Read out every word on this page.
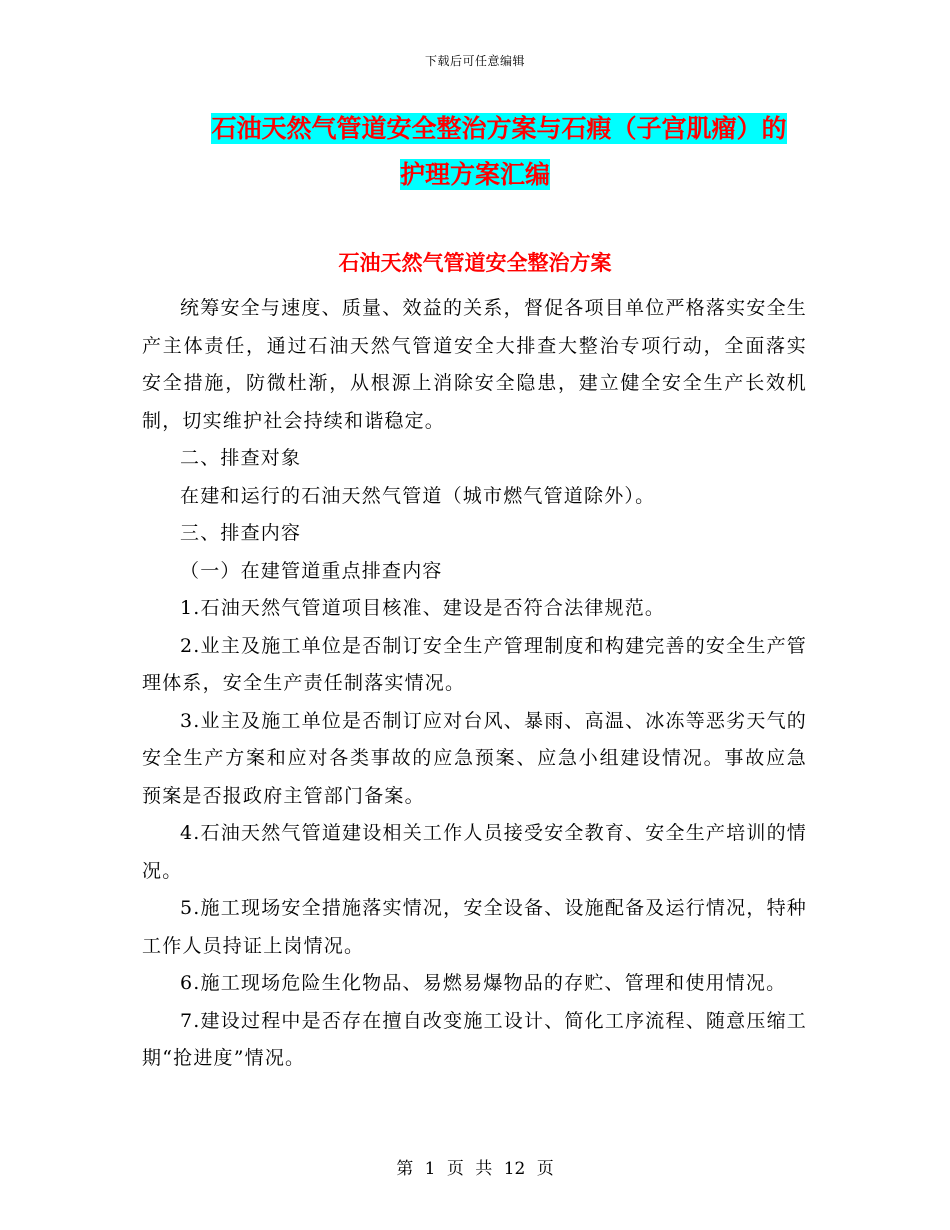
下载后可任意编辑
石油天然气管道安全整治方案与石瘕（子宫肌瘤）的
护理方案汇编
石油天然气管道安全整治方案

统筹安全与速度、质量、效益的关系，督促各项目单位严格落实安全生产主体责任，通过石油天然气管道安全大排查大整治专项行动，全面落实安全措施，防微杜渐，从根源上消除安全隐患，建立健全安全生产长效机制，切实维护社会持续和谐稳定。

二、排查对象

在建和运行的石油天然气管道（城市燃气管道除外）。

三、排查内容

（一）在建管道重点排查内容

1.石油天然气管道项目核准、建设是否符合法律规范。

2.业主及施工单位是否制订安全生产管理制度和构建完善的安全生产管理体系，安全生产责任制落实情况。

3.业主及施工单位是否制订应对台风、暴雨、高温、冰冻等恶劣天气的安全生产方案和应对各类事故的应急预案、应急小组建设情况。事故应急预案是否报政府主管部门备案。

4.石油天然气管道建设相关工作人员接受安全教育、安全生产培训的情况。

5.施工现场安全措施落实情况，安全设备、设施配备及运行情况，特种工作人员持证上岗情况。

6.施工现场危险生化物品、易燃易爆物品的存贮、管理和使用情况。

7.建设过程中是否存在擅自改变施工设计、简化工序流程、随意压缩工期“抢进度”情况。

第 1 页 共 12 页
